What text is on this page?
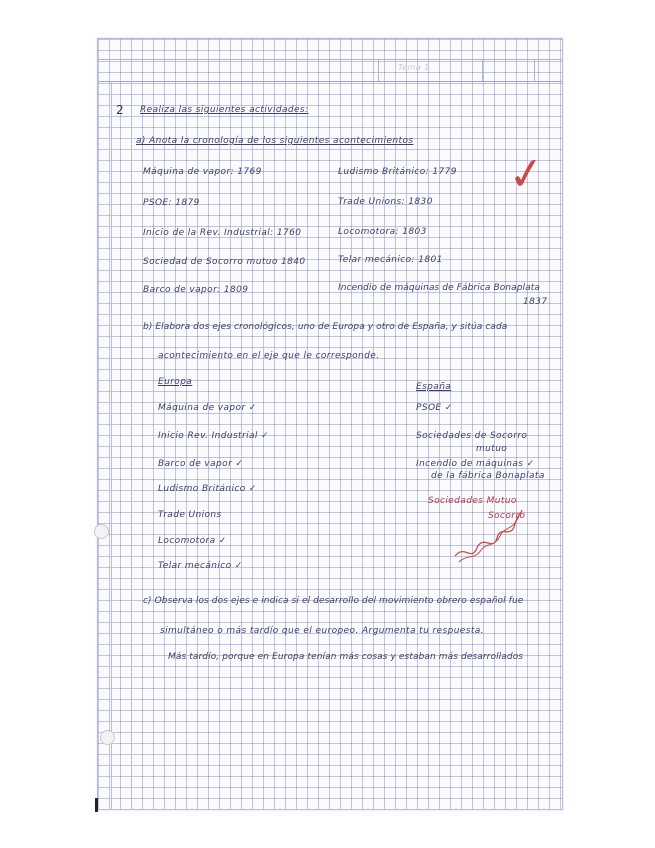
Tema 1
2 Realiza las siguientes actividades:
a) Anota la cronología de los siguientes acontecimientos
Máquina de vapor: 1769
PSOE: 1879
Inicio de la Rev. Industrial: 1760
Sociedad de Socorro mutuo 1840
Barco de vapor: 1809
Ludismo Británico: 1779
Trade Unions: 1830
Locomotora: 1803
Telar mecánico: 1801
Incendio de máquinas de Fábrica Bonaplata
1837
✓
b) Elabora dos ejes cronológicos, uno de Europa y otro de España, y sitúa cada
acontecimiento en el eje que le corresponde.
Europa
Máquina de vapor ✓
Inicio Rev. Industrial ✓
Barco de vapor ✓
Ludismo Británico ✓
Trade Unions
Locomotora ✓
Telar mecánico ✓
España
PSOE ✓
Sociedades de Socorro
mutuo
Incendio de máquinas ✓
de la fábrica Bonaplata
Sociedades Mutuo
Socorro
c) Observa los dos ejes e indica si el desarrollo del movimiento obrero español fue
simultáneo o más tardío que el europeo. Argumenta tu respuesta.
Más tardío, porque en Europa tenían más cosas y estaban más desarrollados
